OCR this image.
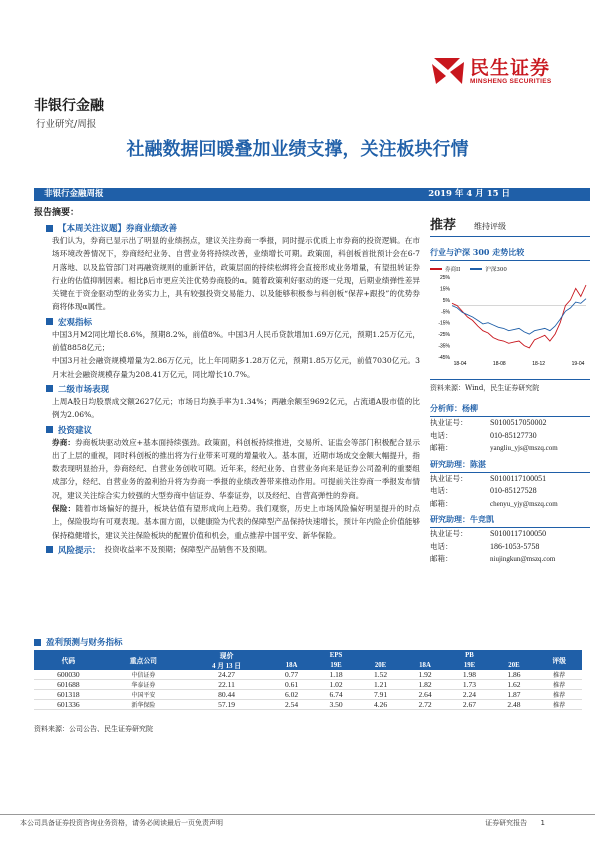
民生证券
MINSHENG SECURITIES
非银行金融
行业研究/周报
社融数据回暖叠加业绩支撑，关注板块行情
非银行金融周报	2019 年 4 月 15 日
报告摘要：
【本周关注议题】券商业绩改善

我们认为，券商已显示出了明显的业绩拐点，建议关注券商一季报，同时提示优质上市券商的投资逻辑。在市场环境改善情况下，券商经纪业务、自营业务将持续改善，业绩增长可期。政策面，科创板首批预计会在6-7月落地、以及监管部门对再融资规则的重新评估，政策层面的持续松绑将会直接形成业务增量，有望扭转证券行业的估值抑制因素。相比β后市更应关注优势券商股的α。随着政策利好驱动的逐一兑现，后期业绩弹性差异关键在于资金驱动型的业务实力上，具有较强投资交易能力、以及能够积极参与科创板“保荐+跟投”的优势券商将体现α属性。

宏观指标

中国3月M2同比增长8.6%，预期8.2%，前值8%。中国3月人民币贷款增加1.69万亿元，预期1.25万亿元，前值8858亿元；

中国3月社会融资规模增量为2.86万亿元，比上年同期多1.28万亿元，预期1.85万亿元，前值7030亿元。3月末社会融资规模存量为208.41万亿元，同比增长10.7%。

二级市场表现

上周A股日均股票成交额2627亿元；市场日均换手率为1.34%；两融余额至9692亿元，占流通A股市值的比例为2.06%。

投资建议

券商：券商板块驱动效应+基本面持续强劲。政策面，科创板持续推进，交易所、证监会等部门积极配合显示出了上层的重视，同时科创板的推出将为行业带来可观的增量收入。基本面，近期市场成交金额大幅提升，指数表现明显抬升，券商经纪、自营业务创收可期。近年来，经纪业务、自营业务向来是证券公司盈利的重要组成部分，经纪、自营业务的盈利抬升将为券商一季报的业绩改善带来推动作用。可提前关注券商一季报发布情况，建议关注综合实力较强的大型券商中信证券、华泰证券，以及经纪、自营高弹性的券商。

保险：随着市场偏好的提升，板块估值有望形成向上趋势。我们观察，历史上市场风险偏好明显提升的时点上，保险股均有可观表现。基本面方面，以健康险为代表的保障型产品保持快速增长，预计年内险企价值能够保持稳健增长，建议关注保险板块的配置价值和机会，重点推荐中国平安、新华保险。

风险提示： 投资收益率不及预期；保障型产品销售不及预期。
推荐 维持评级
行业与沪深 300 走势比较
券商II	沪深300
25%
15%
5%
-5%
-15%
-25%
-35%
-45%
18-04	18-08	18-12	19-04
资料来源：Wind，民生证券研究院
分析师：杨柳
执业证号：	S0100517050002
电话：	010-85127730
邮箱：	yangliu_yjs@mszq.com
研究助理：陈湛
执业证号：	S0100117100051
电话：	010-85127528
邮箱：	chenyu_yjy@mszq.com
研究助理：牛竞凯
执业证号：	S0100117100050
电话：	186-1053-5758
邮箱：	niujingkun@mszq.com
盈利预测与财务指标
代码	重点公司	现价	EPS			PB			评级
		4 月 13 日	18A	19E	20E	18A	19E	20E	
600030	中信证券	24.27	0.77	1.18	1.52	1.92	1.98	1.86	推荐
601688	华泰证券	22.11	0.61	1.02	1.21	1.82	1.73	1.62	推荐
601318	中国平安	80.44	6.02	6.74	7.91	2.64	2.24	1.87	推荐
601336	新华保险	57.19	2.54	3.50	4.26	2.72	2.67	2.48	推荐
资料来源：公司公告、民生证券研究院
本公司具备证券投资咨询业务资格，请务必阅读最后一页免责声明	证券研究报告 1
